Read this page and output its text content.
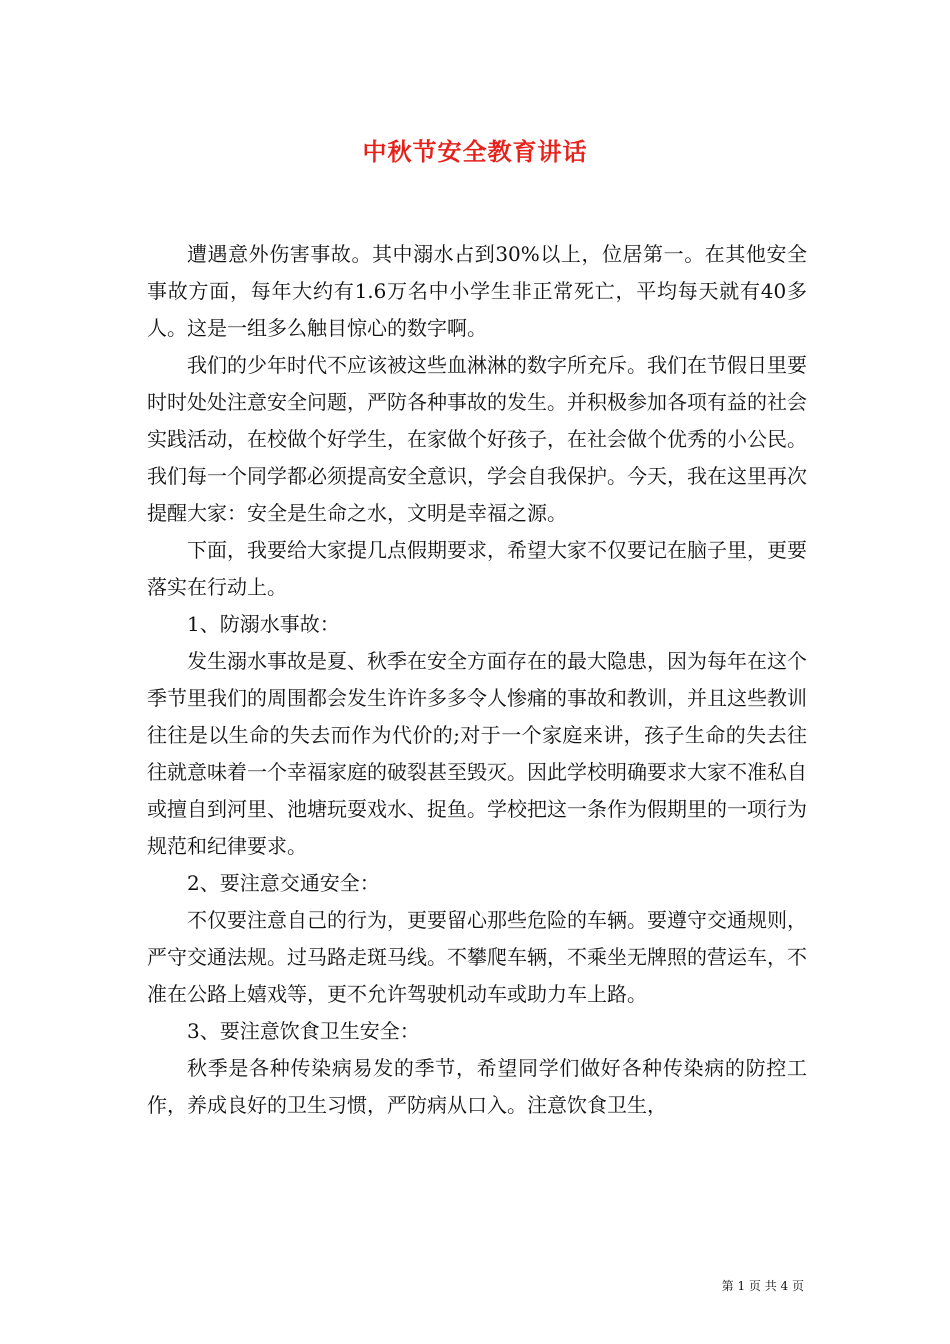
中秋节安全教育讲话

遭遇意外伤害事故。其中溺水占到30%以上，位居第一。在其他安全事故方面，每年大约有1.6万名中小学生非正常死亡，平均每天就有40多人。这是一组多么触目惊心的数字啊。

我们的少年时代不应该被这些血淋淋的数字所充斥。我们在节假日里要时时处处注意安全问题，严防各种事故的发生。并积极参加各项有益的社会实践活动，在校做个好学生，在家做个好孩子，在社会做个优秀的小公民。我们每一个同学都必须提高安全意识，学会自我保护。今天，我在这里再次提醒大家：安全是生命之水，文明是幸福之源。

下面，我要给大家提几点假期要求，希望大家不仅要记在脑子里，更要落实在行动上。

1、防溺水事故：

发生溺水事故是夏、秋季在安全方面存在的最大隐患，因为每年在这个季节里我们的周围都会发生许许多多令人惨痛的事故和教训，并且这些教训往往是以生命的失去而作为代价的;对于一个家庭来讲，孩子生命的失去往往就意味着一个幸福家庭的破裂甚至毁灭。因此学校明确要求大家不准私自或擅自到河里、池塘玩耍戏水、捉鱼。学校把这一条作为假期里的一项行为规范和纪律要求。

2、要注意交通安全：

不仅要注意自己的行为，更要留心那些危险的车辆。要遵守交通规则，严守交通法规。过马路走斑马线。不攀爬车辆，不乘坐无牌照的营运车，不准在公路上嬉戏等，更不允许驾驶机动车或助力车上路。

3、要注意饮食卫生安全：

秋季是各种传染病易发的季节，希望同学们做好各种传染病的防控工作，养成良好的卫生习惯，严防病从口入。注意饮食卫生，

第 1 页 共 4 页
